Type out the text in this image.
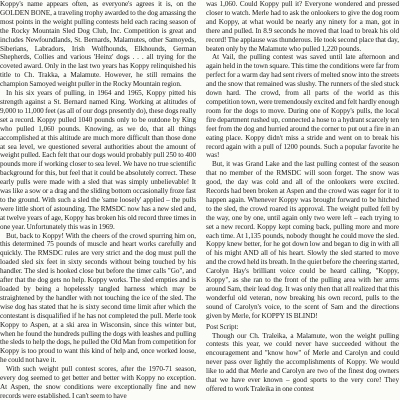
Koppy's name appears often, as everyone's agrees it is, on the GOLDEN BONE, a traveling trophy awarded to the dog amassing the most points in the weight pulling contests held each racing season of the Rocky Mountain Sled Dog Club, Inc. Competition is great and includes Newfoundlands, St. Bernards, Malamutes, other Samoyeds, Siberians, Labradors, Irish Wolfhounds, Elkhounds, German Shepherds, Collies and various 'Heinz' dogs . . . all trying for the coveted award. Only in the last two years has Koppy relinquished his title to Ch. Trakka, a Malamute. However, he still remains the champion Samoyed weight puller in the Rocky Mountain region.

In his six years of pulling, in 1964 and 1965, Koppy pitted his strength against a St. Bernard named King. Working at altitudes of 9,000 to 11,000 feet (as all of our dogs presently do), these dogs really set a record. Koppy pulled 1040 pounds only to be outdone by King who pulled 1,060 pounds. Knowing, as we do, that all things accomplished at this altitude are much more difficult than those done at sea level, we questioned several authorities about the amount of weight pulled. Each felt that our dogs would probably pull 250 to 400 pounds more if working closer to sea level. We have no true scientific background for this, but feel that it could be absolutely correct. These early pulls were made with a sled that was simply unbelievable! It was like a sow or a drag and the sliding bottom occasionally froze fast to the ground. With such a sled the 'same loosely' applied – the pulls were little short of astounding. The RMSDC now has a new sled and, at twelve years of age, Koppy has broken his old record three times in one year. Unfortunately this was in 1969.

But, back to Koppy! With the cheers of the crowd spurring him on, this determined 75 pounds of muscle and heart works carefully and quickly. The RMSDC rules are very strict and the dog must pull the loaded sled six feet in sixty seconds without being touched by his handler. The sled is hooked close but before the timer calls "Go", and after that the dog gets no help. Koppy works. The sled empties and is loaded by being a hopelessly tangled harness which may be straightened by the handler with not touching the ice of the sled. The wise dog has stated that he is sixty second time limit after which the contestant is disqualified if he has not completed the pull. Merle took Koppy to Aspen, at a ski area in Wisconsin, since this winter but, when he found the hundreds pulling the dogs with leashes and pulling the sleds to help the dogs, he pulled the Old Man from competition for Koppy is too proud to want this kind of help and, once worked loose, he could not have it.

With such weight pull contest scores, after the 1970-71 season, every dog seemed to get better and better with Koppy no exception. At Aspen, the snow conditions were exceptionally fine and new records were established. I can't seem to have

was 1,060. Could Koppy pull it? Everyone wondered and pressed closer to watch. Merle had to ask the onlookers to give the dog room and Koppy, at what would be nearly any ninety for a man, got in there and pulled. In 8.9 seconds he moved that load to break his old record! The applause was thunderous. He took second place that day, beaten only by the Malamute who pulled 1,220 pounds.

At Vail, the pulling contest was saved until late afternoon and again held in the town square. This time the conditions were far from perfect for a warm day had sent rivers of melted snow into the streets and the snow that remained was slushy. The runners of the sled stuck down hard. The crowd, from all parts of the world as this competition town, were tremendously excited and felt hardly enough room for the dogs to move. During one of Koppy's pulls, the local fire department rushed up, connected a hose to a hydrant scarcely ten feet from the dog and hurried around the corner to put out a fire in an eating place. Koppy didn't miss a stride and went on to break his record again with a pull of 1200 pounds. Such a popular favorite he was!

But, it was Grand Lake and the last pulling contest of the season that no member of the RMSDC will soon forget. The snow was good, the day was cold and all of the onlookers were excited. Records had been broken at Aspen and the crowd was eager for it to happen again. Whenever Koppy was brought forward to be hitched to the sled, the crowd roared its approval. The weight pulled fell by the way, one by one, until again only two were left – each trying to set a new record. Koppy kept coming back, pulling more and more each time. At 1,135 pounds, nobody thought he could move the sled. Koppy knew better, for he got down low and began to dig in with all of his might AND all of his heart. Slowly the sled started to move and the crowd held its breath. In the quiet before the cheering started, Carolyn Hay's brilliant voice could be heard calling, "Koppy, Koppy", as she ran to the front of the pulling area with her arms around Sam, their lead dog. It was only then that all realized that this wonderful old veteran, now breaking his own record, pulls to the sound of Carolyn's voice, to the scent of Sam and the directions given by Merle, for KOPPY IS BLIND!

Post Script:

Though our Ch. Traleika, a Malamute, won the weight pulling contests this year, we could never have succeeded without the encouragement and "know how" of Merle and Carolyn and could never pass over lightly the accomplishments of Koppy. We would like to add that Merle and Carolyn are two of the finest dog owners that we have ever known – good sports to the very core! They offered to work Traleika in one contest
